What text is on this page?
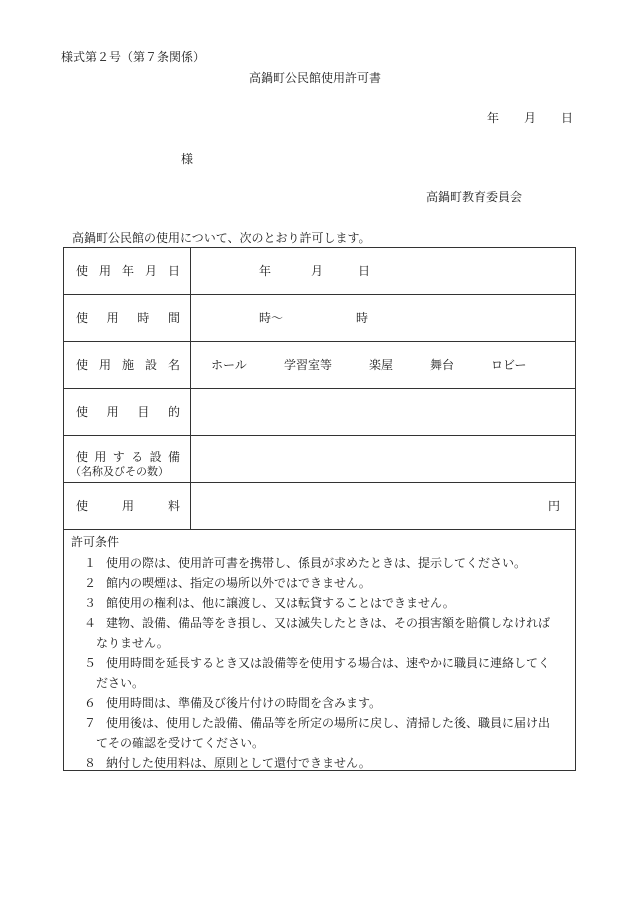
様式第２号（第７条関係）
高鍋町公民館使用許可書
年 月 日
様
高鍋町教育委員会
高鍋町公民館の使用について、次のとおり許可します。
使 用 年 月 日	年	月	日
使 用 時 間	時〜	時
使 用 施 設 名	ホール	学習室等	楽屋	舞台	ロビー
使 用 目 的
使 用 す る 設 備
（名称及びその数）
使	用	料	円
許可条件
１ 使用の際は、使用許可書を携帯し、係員が求めたときは、提示してください。
２ 館内の喫煙は、指定の場所以外ではできません。
３ 館使用の権利は、他に譲渡し、又は転貸することはできません。
４ 建物、設備、備品等をき損し、又は滅失したときは、その損害額を賠償しなければ
なりません。
５ 使用時間を延長するとき又は設備等を使用する場合は、速やかに職員に連絡してく
ださい。
６ 使用時間は、準備及び後片付けの時間を含みます。
７ 使用後は、使用した設備、備品等を所定の場所に戻し、清掃した後、職員に届け出
てその確認を受けてください。
８ 納付した使用料は、原則として還付できません。
